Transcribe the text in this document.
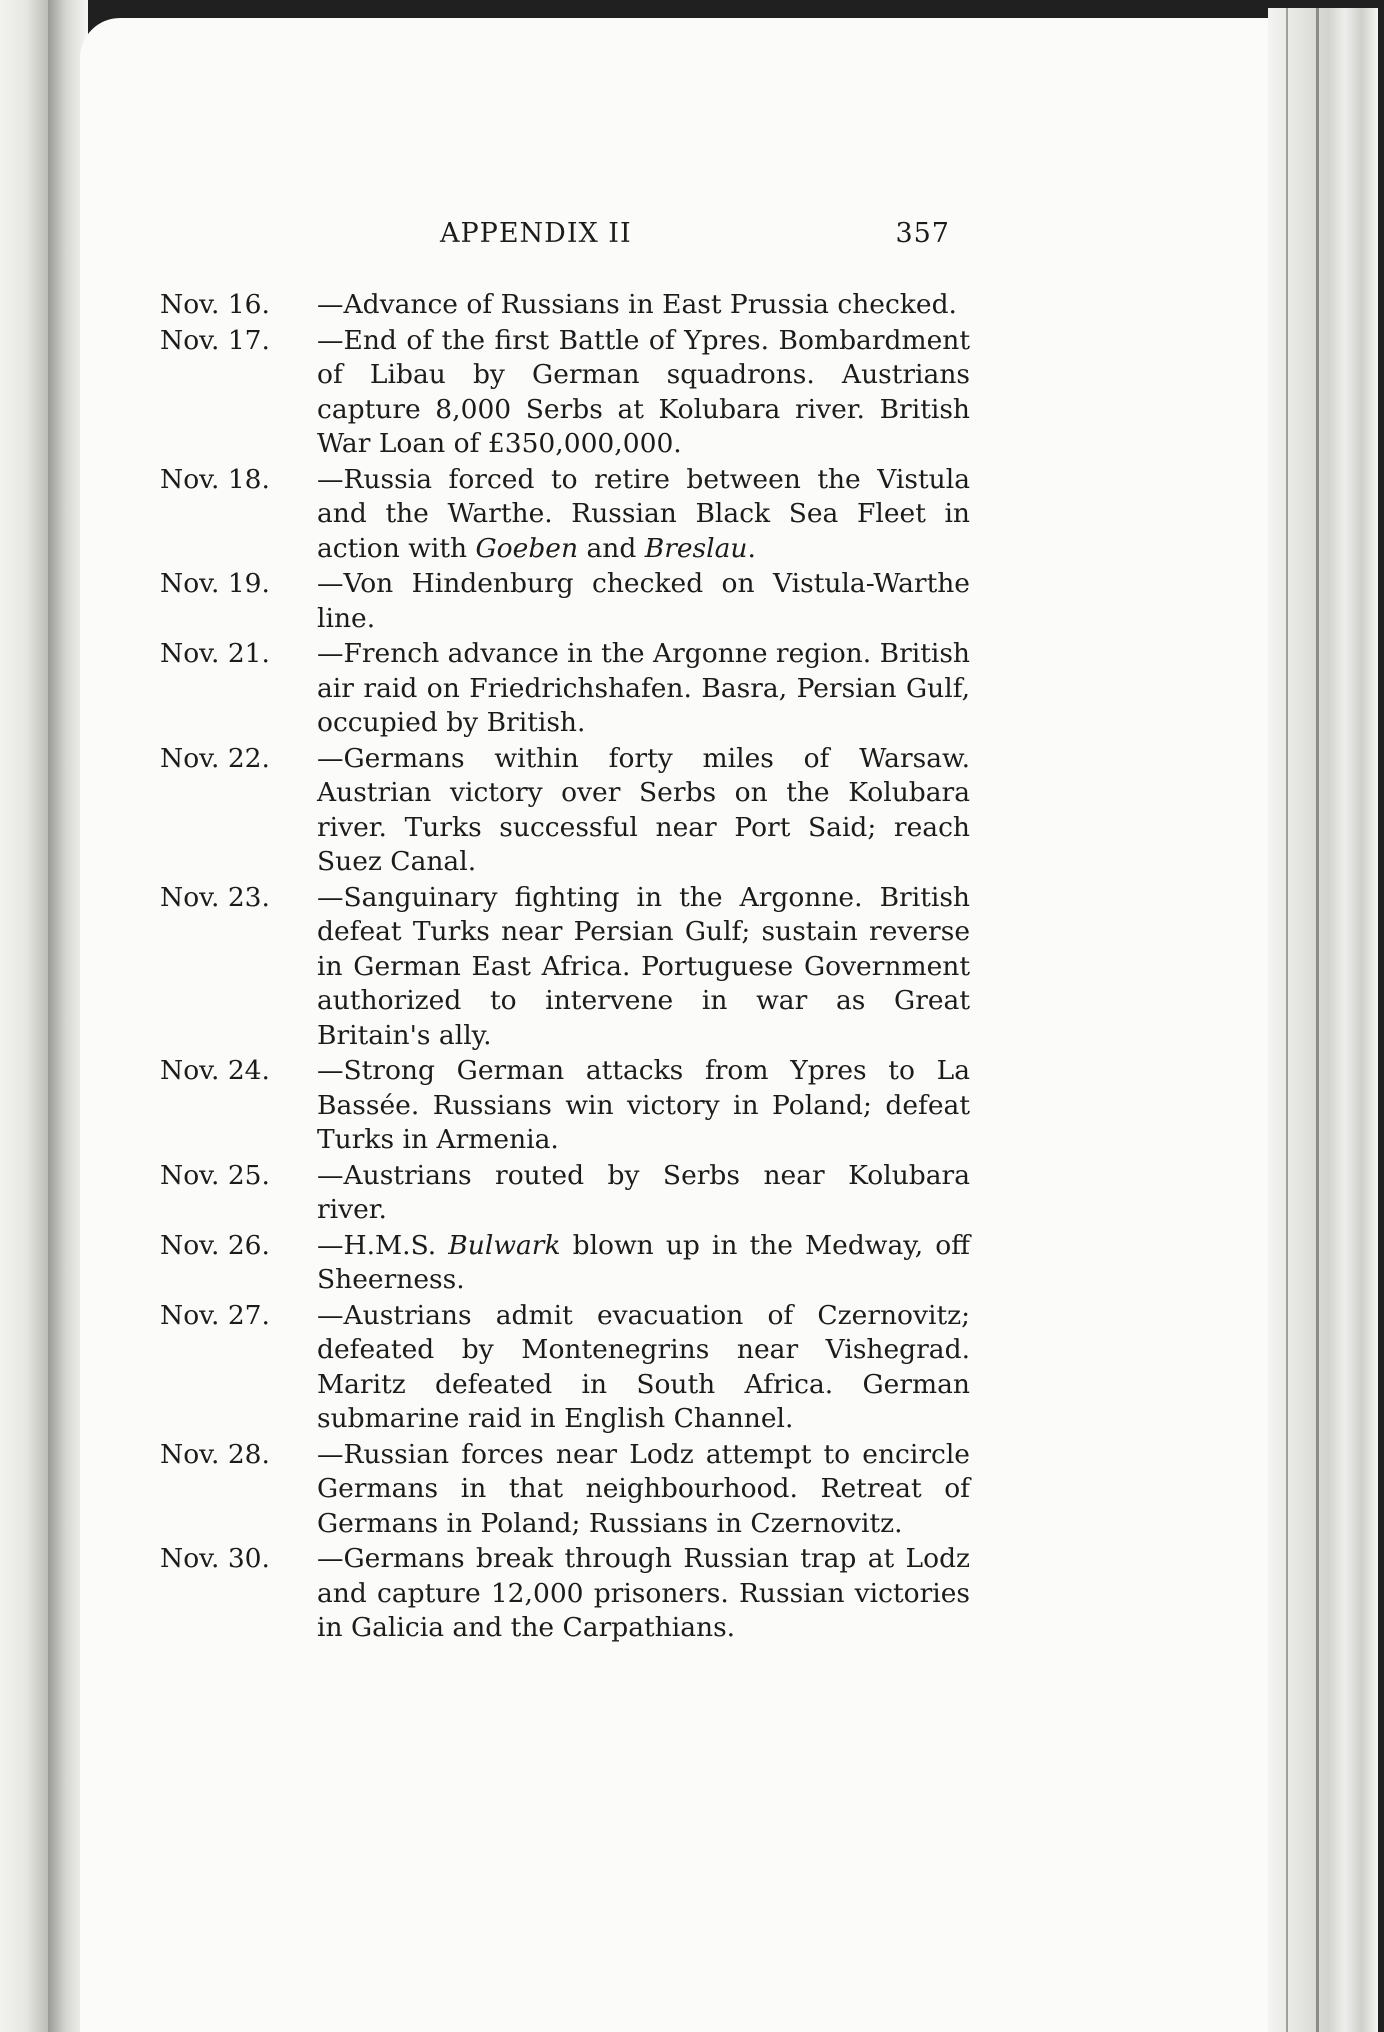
APPENDIX II	357
Nov. 16.	—Advance of Russians in East Prussia checked.
Nov. 17.	—End of the first Battle of Ypres. Bombardment of Libau by German squadrons. Austrians capture 8,000 Serbs at Kolubara river. British War Loan of £350,000,000.
Nov. 18.	—Russia forced to retire between the Vistula and the Warthe. Russian Black Sea Fleet in action with Goeben and Breslau.
Nov. 19.	—Von Hindenburg checked on Vistula-Warthe line.
Nov. 21.	—French advance in the Argonne region. British air raid on Friedrichshafen. Basra, Persian Gulf, occupied by British.
Nov. 22.	—Germans within forty miles of Warsaw. Austrian victory over Serbs on the Kolubara river. Turks successful near Port Said; reach Suez Canal.
Nov. 23.	—Sanguinary fighting in the Argonne. British defeat Turks near Persian Gulf; sustain reverse in German East Africa. Portuguese Government authorized to intervene in war as Great Britain's ally.
Nov. 24.	—Strong German attacks from Ypres to La Bassée. Russians win victory in Poland; defeat Turks in Armenia.
Nov. 25.	—Austrians routed by Serbs near Kolubara river.
Nov. 26.	—H.M.S. Bulwark blown up in the Medway, off Sheerness.
Nov. 27.	—Austrians admit evacuation of Czernovitz; defeated by Montenegrins near Vishegrad. Maritz defeated in South Africa. German submarine raid in English Channel.
Nov. 28.	—Russian forces near Lodz attempt to encircle Germans in that neighbourhood. Retreat of Germans in Poland; Russians in Czernovitz.
Nov. 30.	—Germans break through Russian trap at Lodz and capture 12,000 prisoners. Russian victories in Galicia and the Carpathians.
